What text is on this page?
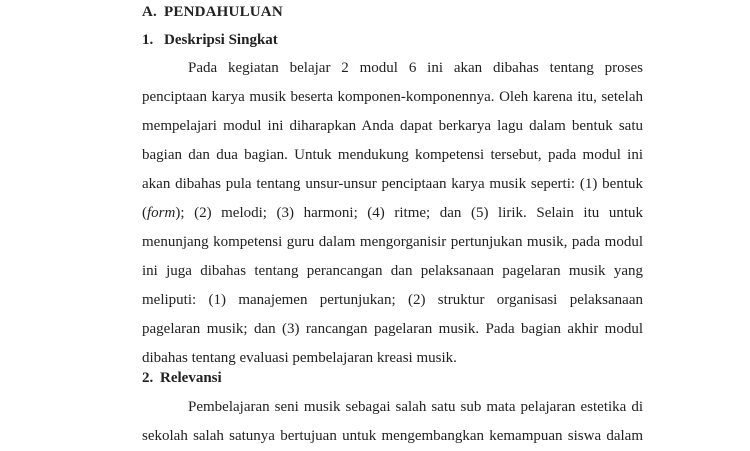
A. PENDAHULUAN
1. Deskripsi Singkat
Pada kegiatan belajar 2 modul 6 ini akan dibahas tentang proses
penciptaan karya musik beserta komponen-komponennya. Oleh karena itu, setelah
mempelajari modul ini diharapkan Anda dapat berkarya lagu dalam bentuk satu
bagian dan dua bagian. Untuk mendukung kompetensi tersebut, pada modul ini
akan dibahas pula tentang unsur-unsur penciptaan karya musik seperti: (1) bentuk
(form); (2) melodi; (3) harmoni; (4) ritme; dan (5) lirik. Selain itu untuk
menunjang kompetensi guru dalam mengorganisir pertunjukan musik, pada modul
ini juga dibahas tentang perancangan dan pelaksanaan pagelaran musik yang
meliputi: (1) manajemen pertunjukan; (2) struktur organisasi pelaksanaan
pagelaran musik; dan (3) rancangan pagelaran musik. Pada bagian akhir modul
dibahas tentang evaluasi pembelajaran kreasi musik.
2. Relevansi
Pembelajaran seni musik sebagai salah satu sub mata pelajaran estetika di
sekolah salah satunya bertujuan untuk mengembangkan kemampuan siswa dalam
